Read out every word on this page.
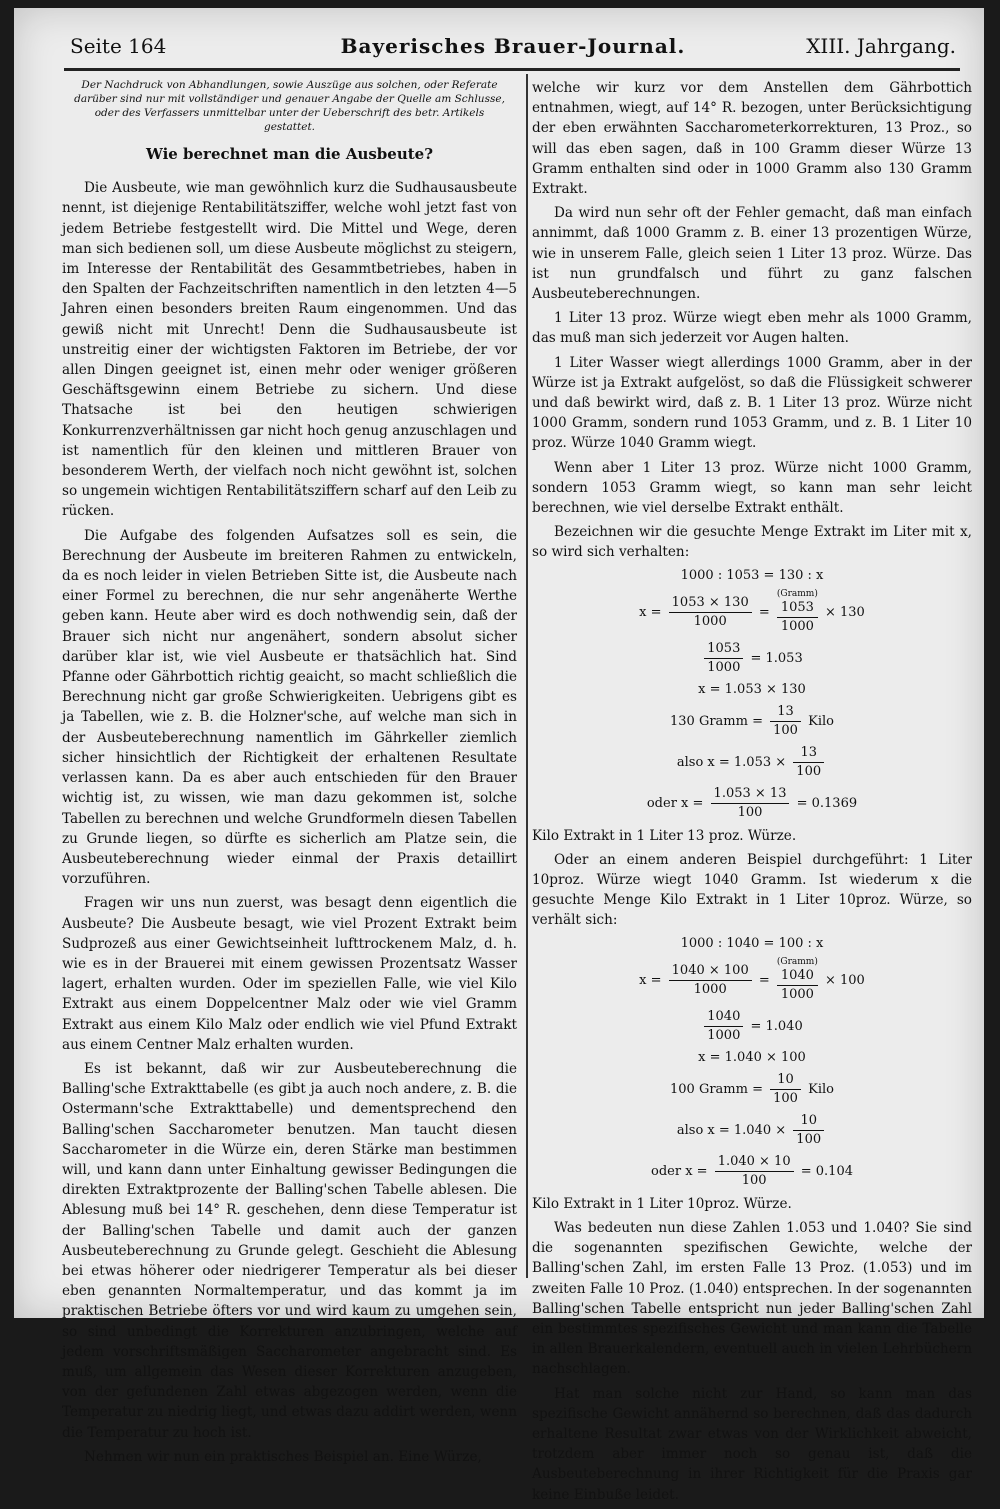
Seite 164	Bayerisches Brauer-Journal.	XIII. Jahrgang.
Der Nachdruck von Abhandlungen, sowie Auszüge aus solchen, oder Referate darüber sind nur mit vollständiger und genauer Angabe der Quelle am Schlusse, oder des Verfassers unmittelbar unter der Ueberschrift des betr. Artikels gestattet.
Wie berechnet man die Ausbeute?

Die Ausbeute, wie man gewöhnlich kurz die Sudhausausbeute nennt, ist diejenige Rentabilitätsziffer, welche wohl jetzt fast von jedem Betriebe festgestellt wird. Die Mittel und Wege, deren man sich bedienen soll, um diese Ausbeute möglichst zu steigern, im Interesse der Rentabilität des Gesammtbetriebes, haben in den Spalten der Fachzeitschriften namentlich in den letzten 4—5 Jahren einen besonders breiten Raum eingenommen. Und das gewiß nicht mit Unrecht! Denn die Sudhausausbeute ist unstreitig einer der wichtigsten Faktoren im Betriebe, der vor allen Dingen geeignet ist, einen mehr oder weniger größeren Geschäftsgewinn einem Betriebe zu sichern. Und diese Thatsache ist bei den heutigen schwierigen Konkurrenzverhältnissen gar nicht hoch genug anzuschlagen und ist namentlich für den kleinen und mittleren Brauer von besonderem Werth, der vielfach noch nicht gewöhnt ist, solchen so ungemein wichtigen Rentabilitätsziffern scharf auf den Leib zu rücken.

Die Aufgabe des folgenden Aufsatzes soll es sein, die Berechnung der Ausbeute im breiteren Rahmen zu entwickeln, da es noch leider in vielen Betrieben Sitte ist, die Ausbeute nach einer Formel zu berechnen, die nur sehr angenäherte Werthe geben kann. Heute aber wird es doch nothwendig sein, daß der Brauer sich nicht nur angenähert, sondern absolut sicher darüber klar ist, wie viel Ausbeute er thatsächlich hat. Sind Pfanne oder Gährbottich richtig geaicht, so macht schließlich die Berechnung nicht gar große Schwierigkeiten. Uebrigens gibt es ja Tabellen, wie z. B. die Holzner'sche, auf welche man sich in der Ausbeuteberechnung namentlich im Gährkeller ziemlich sicher hinsichtlich der Richtigkeit der erhaltenen Resultate verlassen kann. Da es aber auch entschieden für den Brauer wichtig ist, zu wissen, wie man dazu gekommen ist, solche Tabellen zu berechnen und welche Grundformeln diesen Tabellen zu Grunde liegen, so dürfte es sicherlich am Platze sein, die Ausbeuteberechnung wieder einmal der Praxis detaillirt vorzuführen.

Fragen wir uns nun zuerst, was besagt denn eigentlich die Ausbeute? Die Ausbeute besagt, wie viel Prozent Extrakt beim Sudprozeß aus einer Gewichtseinheit lufttrockenem Malz, d. h. wie es in der Brauerei mit einem gewissen Prozentsatz Wasser lagert, erhalten wurden. Oder im speziellen Falle, wie viel Kilo Extrakt aus einem Doppelcentner Malz oder wie viel Gramm Extrakt aus einem Kilo Malz oder endlich wie viel Pfund Extrakt aus einem Centner Malz erhalten wurden.

Es ist bekannt, daß wir zur Ausbeuteberechnung die Balling'sche Extrakttabelle (es gibt ja auch noch andere, z. B. die Ostermann'sche Extrakttabelle) und dementsprechend den Balling'schen Saccharometer benutzen. Man taucht diesen Saccharometer in die Würze ein, deren Stärke man bestimmen will, und kann dann unter Einhaltung gewisser Bedingungen die direkten Extraktprozente der Balling'schen Tabelle ablesen. Die Ablesung muß bei 14° R. geschehen, denn diese Temperatur ist der Balling'schen Tabelle und damit auch der ganzen Ausbeuteberechnung zu Grunde gelegt. Geschieht die Ablesung bei etwas höherer oder niedrigerer Temperatur als bei dieser eben genannten Normaltemperatur, und das kommt ja im praktischen Betriebe öfters vor und wird kaum zu umgehen sein, so sind unbedingt die Korrekturen anzubringen, welche auf jedem vorschriftsmäßigen Saccharometer angebracht sind. Es muß, um allgemein das Wesen dieser Korrekturen anzugeben, von der gefundenen Zahl etwas abgezogen werden, wenn die Temperatur zu niedrig liegt, und etwas dazu addirt werden, wenn die Temperatur zu hoch ist.

Nehmen wir nun ein praktisches Beispiel an. Eine Würze,

welche wir kurz vor dem Anstellen dem Gährbottich entnahmen, wiegt, auf 14° R. bezogen, unter Berücksichtigung der eben erwähnten Saccharometerkorrekturen, 13 Proz., so will das eben sagen, daß in 100 Gramm dieser Würze 13 Gramm enthalten sind oder in 1000 Gramm also 130 Gramm Extrakt.

Da wird nun sehr oft der Fehler gemacht, daß man einfach annimmt, daß 1000 Gramm z. B. einer 13 prozentigen Würze, wie in unserem Falle, gleich seien 1 Liter 13 proz. Würze. Das ist nun grundfalsch und führt zu ganz falschen Ausbeuteberechnungen.

1 Liter 13 proz. Würze wiegt eben mehr als 1000 Gramm, das muß man sich jederzeit vor Augen halten.

1 Liter Wasser wiegt allerdings 1000 Gramm, aber in der Würze ist ja Extrakt aufgelöst, so daß die Flüssigkeit schwerer und daß bewirkt wird, daß z. B. 1 Liter 13 proz. Würze nicht 1000 Gramm, sondern rund 1053 Gramm, und z. B. 1 Liter 10 proz. Würze 1040 Gramm wiegt.

Wenn aber 1 Liter 13 proz. Würze nicht 1000 Gramm, sondern 1053 Gramm wiegt, so kann man sehr leicht berechnen, wie viel derselbe Extrakt enthält.

Bezeichnen wir die gesuchte Menge Extrakt im Liter mit x, so wird sich verhalten:

1000 : 1053 = 130 : x
$x = \frac{1053 \times 130}{1000}$ =
(Gramm)
1053
1000
× 130
$\frac{1053}{1000} = 1.053$
x = 1.053 × 130
130 Gramm = $\frac{13}{100}$ Kilo
also $x = 1.053 \times \frac{13}{100}$
oder $x = \frac{1.053 \times 13}{100} = 0.1369$

Kilo Extrakt in 1 Liter 13 proz. Würze.

Oder an einem anderen Beispiel durchgeführt: 1 Liter 10proz. Würze wiegt 1040 Gramm. Ist wiederum x die gesuchte Menge Kilo Extrakt in 1 Liter 10proz. Würze, so verhält sich:

1000 : 1040 = 100 : x
$x = \frac{1040 \times 100}{1000}$ =
(Gramm)
1040
1000
× 100
$\frac{1040}{1000} = 1.040$
x = 1.040 × 100
100 Gramm = $\frac{10}{100}$ Kilo
also $x = 1.040 \times \frac{10}{100}$
oder $x = \frac{1.040 \times 10}{100} = 0.104$

Kilo Extrakt in 1 Liter 10proz. Würze.

Was bedeuten nun diese Zahlen 1.053 und 1.040? Sie sind die sogenannten spezifischen Gewichte, welche der Balling'schen Zahl, im ersten Falle 13 Proz. (1.053) und im zweiten Falle 10 Proz. (1.040) entsprechen. In der sogenannten Balling'schen Tabelle entspricht nun jeder Balling'schen Zahl ein bestimmtes spezifisches Gewicht und man kann die Tabelle in allen Brauerkalendern, eventuell auch in vielen Lehrbüchern nachschlagen.

Hat man solche nicht zur Hand, so kann man das spezifische Gewicht annähernd so berechnen, daß das dadurch erhaltene Resultat zwar etwas von der Wirklichkeit abweicht, trotzdem aber immer noch so genau ist, daß die Ausbeuteberechnung in ihrer Richtigkeit für die Praxis gar keine Einbuße leidet.
